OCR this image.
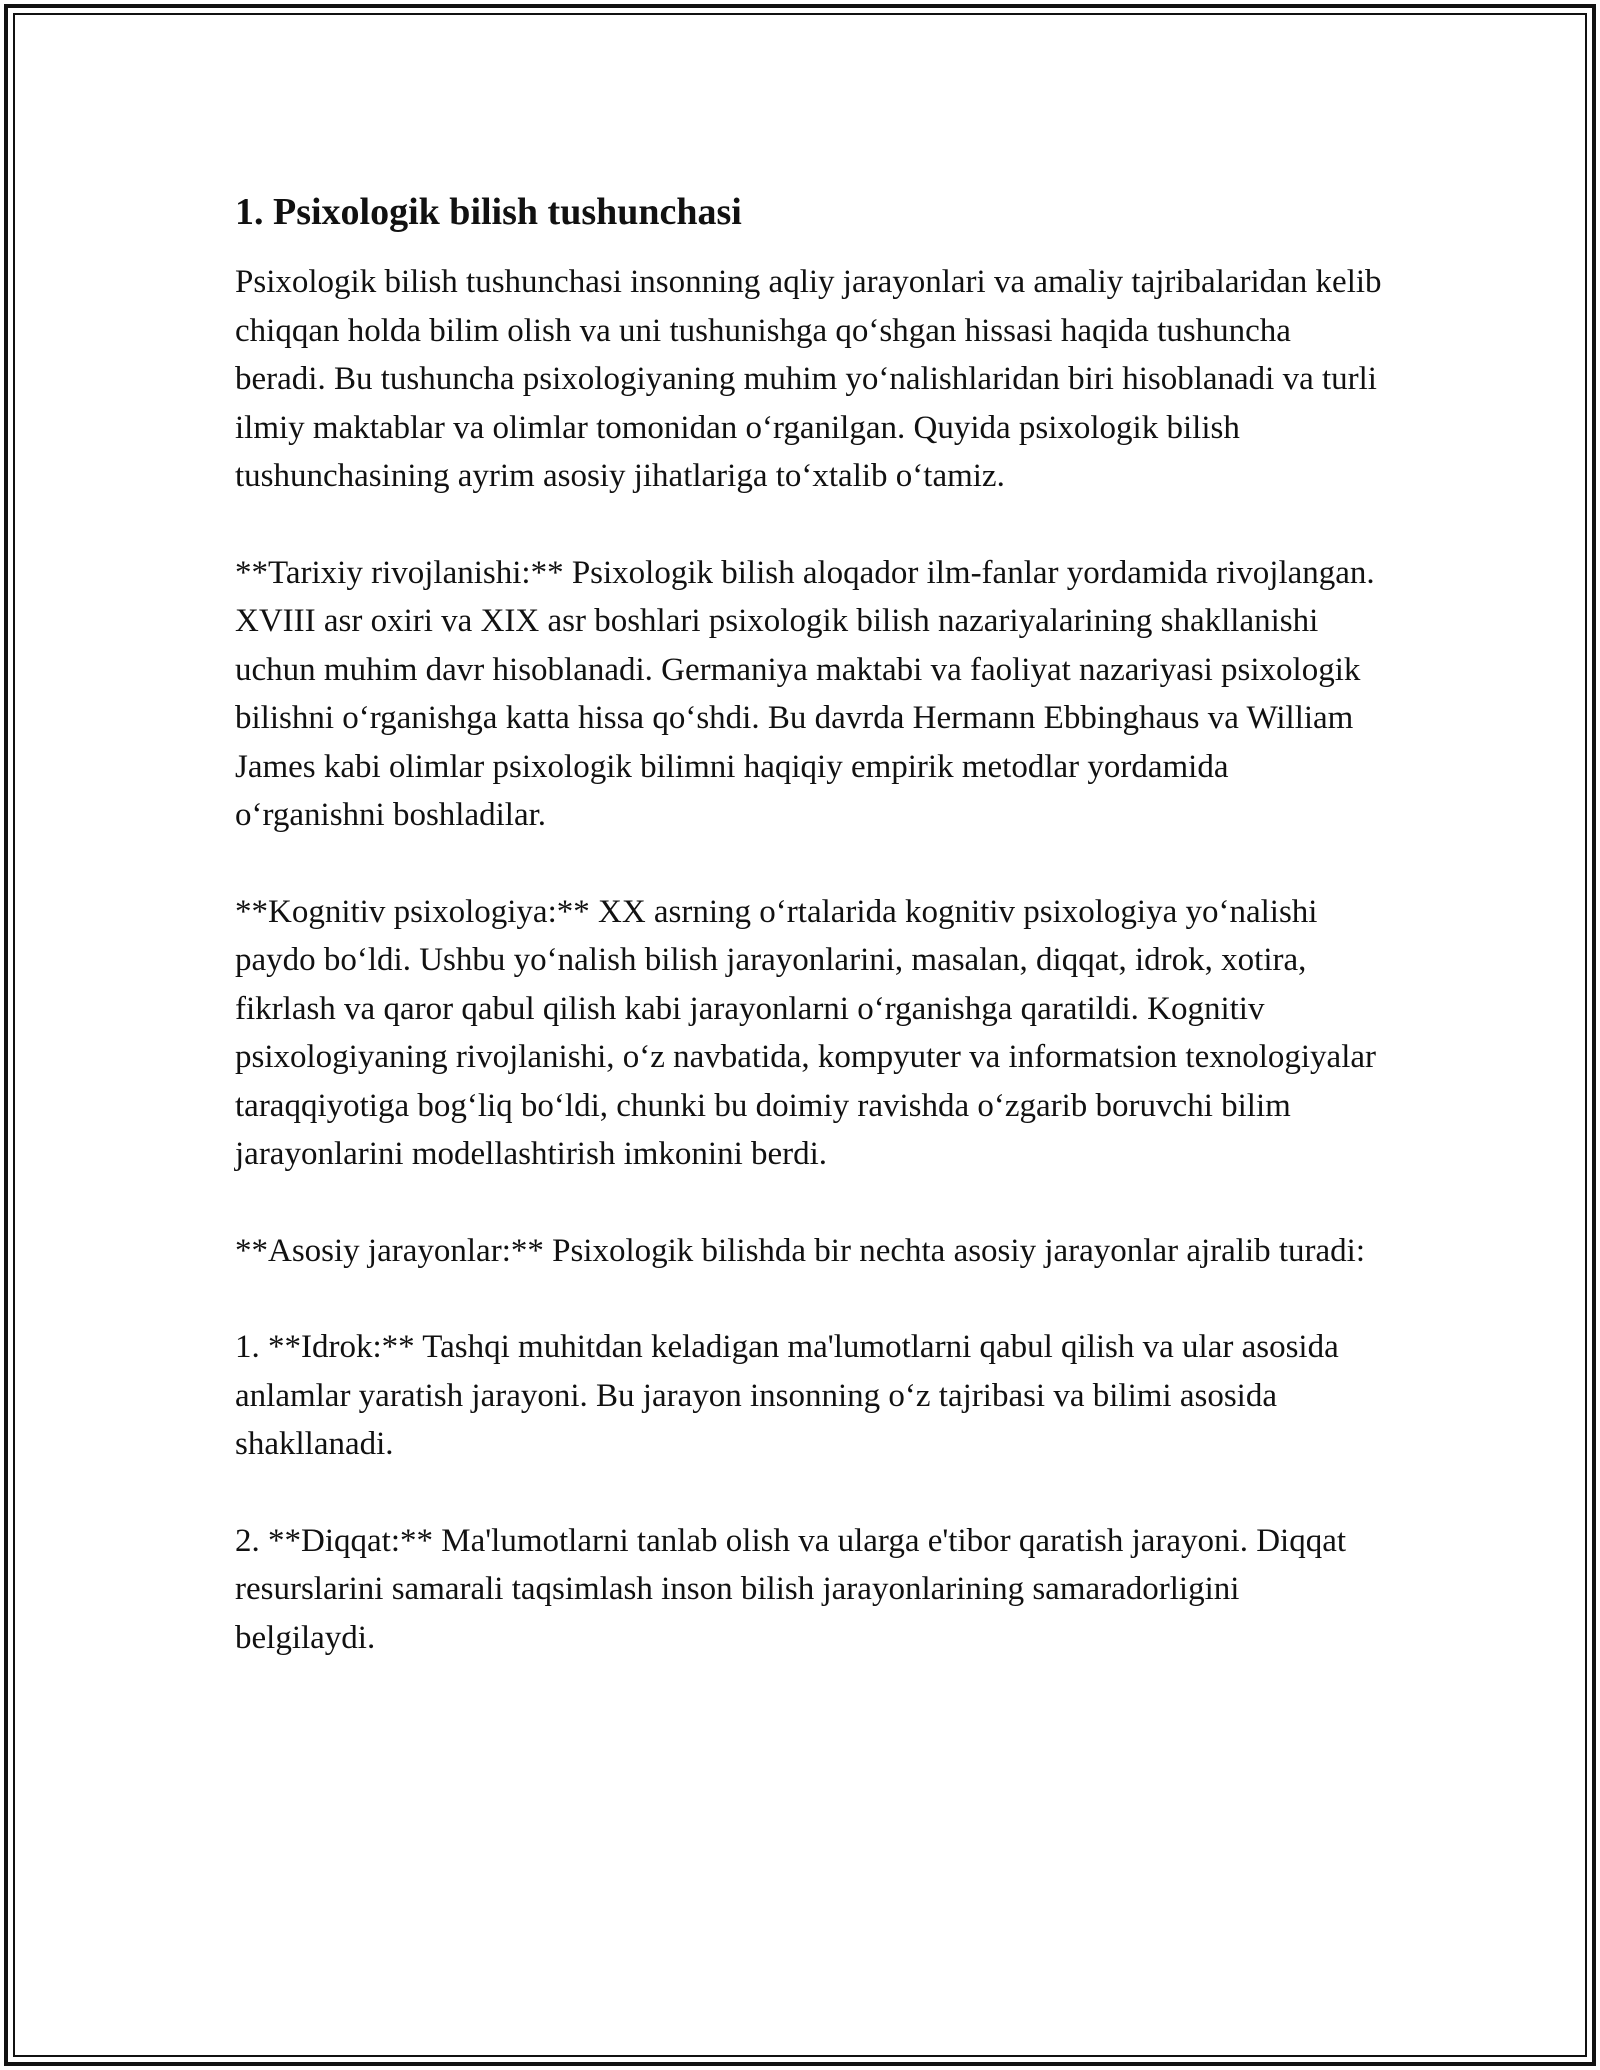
1. Psixologik bilish tushunchasi

Psixologik bilish tushunchasi insonning aqliy jarayonlari va amaliy tajribalaridan kelib chiqqan holda bilim olish va uni tushunishga qo‘shgan hissasi haqida tushuncha beradi. Bu tushuncha psixologiyaning muhim yo‘nalishlaridan biri hisoblanadi va turli ilmiy maktablar va olimlar tomonidan o‘rganilgan. Quyida psixologik bilish tushunchasining ayrim asosiy jihatlariga to‘xtalib o‘tamiz.

**Tarixiy rivojlanishi:** Psixologik bilish aloqador ilm-fanlar yordamida rivojlangan. XVIII asr oxiri va XIX asr boshlari psixologik bilish nazariyalarining shakllanishi uchun muhim davr hisoblanadi. Germaniya maktabi va faoliyat nazariyasi psixologik bilishni o‘rganishga katta hissa qo‘shdi. Bu davrda Hermann Ebbinghaus va William James kabi olimlar psixologik bilimni haqiqiy empirik metodlar yordamida o‘rganishni boshladilar.

**Kognitiv psixologiya:** XX asrning o‘rtalarida kognitiv psixologiya yo‘nalishi paydo bo‘ldi. Ushbu yo‘nalish bilish jarayonlarini, masalan, diqqat, idrok, xotira, fikrlash va qaror qabul qilish kabi jarayonlarni o‘rganishga qaratildi. Kognitiv psixologiyaning rivojlanishi, o‘z navbatida, kompyuter va informatsion texnologiyalar taraqqiyotiga bog‘liq bo‘ldi, chunki bu doimiy ravishda o‘zgarib boruvchi bilim jarayonlarini modellashtirish imkonini berdi.

**Asosiy jarayonlar:** Psixologik bilishda bir nechta asosiy jarayonlar ajralib turadi:

1. **Idrok:** Tashqi muhitdan keladigan ma'lumotlarni qabul qilish va ular asosida anlamlar yaratish jarayoni. Bu jarayon insonning o‘z tajribasi va bilimi asosida shakllanadi.

2. **Diqqat:** Ma'lumotlarni tanlab olish va ularga e'tibor qaratish jarayoni. Diqqat resurslarini samarali taqsimlash inson bilish jarayonlarining samaradorligini belgilaydi.
